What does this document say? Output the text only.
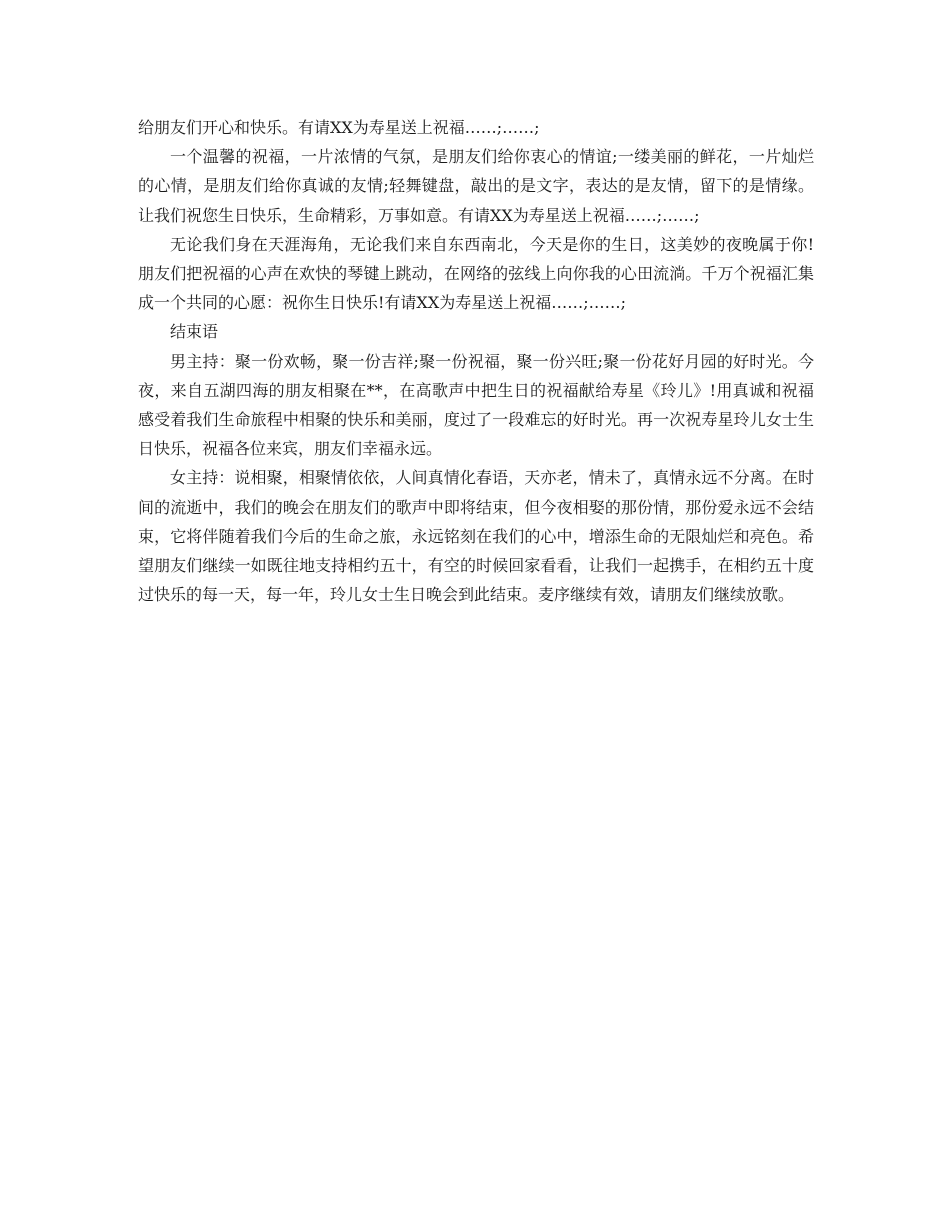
给朋友们开心和快乐。有请XX为寿星送上祝福……;……;

一个温馨的祝福，一片浓情的气氛，是朋友们给你衷心的情谊;一缕美丽的鲜花，一片灿烂的心情，是朋友们给你真诚的友情;轻舞键盘，敲出的是文字，表达的是友情，留下的是情缘。让我们祝您生日快乐，生命精彩，万事如意。有请XX为寿星送上祝福……;……;

无论我们身在天涯海角，无论我们来自东西南北，今天是你的生日，这美妙的夜晚属于你!朋友们把祝福的心声在欢快的琴键上跳动，在网络的弦线上向你我的心田流淌。千万个祝福汇集成一个共同的心愿：祝你生日快乐!有请XX为寿星送上祝福……;……;

结束语

男主持：聚一份欢畅，聚一份吉祥;聚一份祝福，聚一份兴旺;聚一份花好月园的好时光。今夜，来自五湖四海的朋友相聚在**，在高歌声中把生日的祝福献给寿星《玲儿》!用真诚和祝福感受着我们生命旅程中相聚的快乐和美丽，度过了一段难忘的好时光。再一次祝寿星玲儿女士生日快乐，祝福各位来宾，朋友们幸福永远。

女主持：说相聚，相聚情依依，人间真情化春语，天亦老，情未了，真情永远不分离。在时间的流逝中，我们的晚会在朋友们的歌声中即将结束，但今夜相娶的那份情，那份爱永远不会结束，它将伴随着我们今后的生命之旅，永远铭刻在我们的心中，增添生命的无限灿烂和亮色。希望朋友们继续一如既往地支持相约五十，有空的时候回家看看，让我们一起携手，在相约五十度过快乐的每一天，每一年，玲儿女士生日晚会到此结束。麦序继续有效，请朋友们继续放歌。
